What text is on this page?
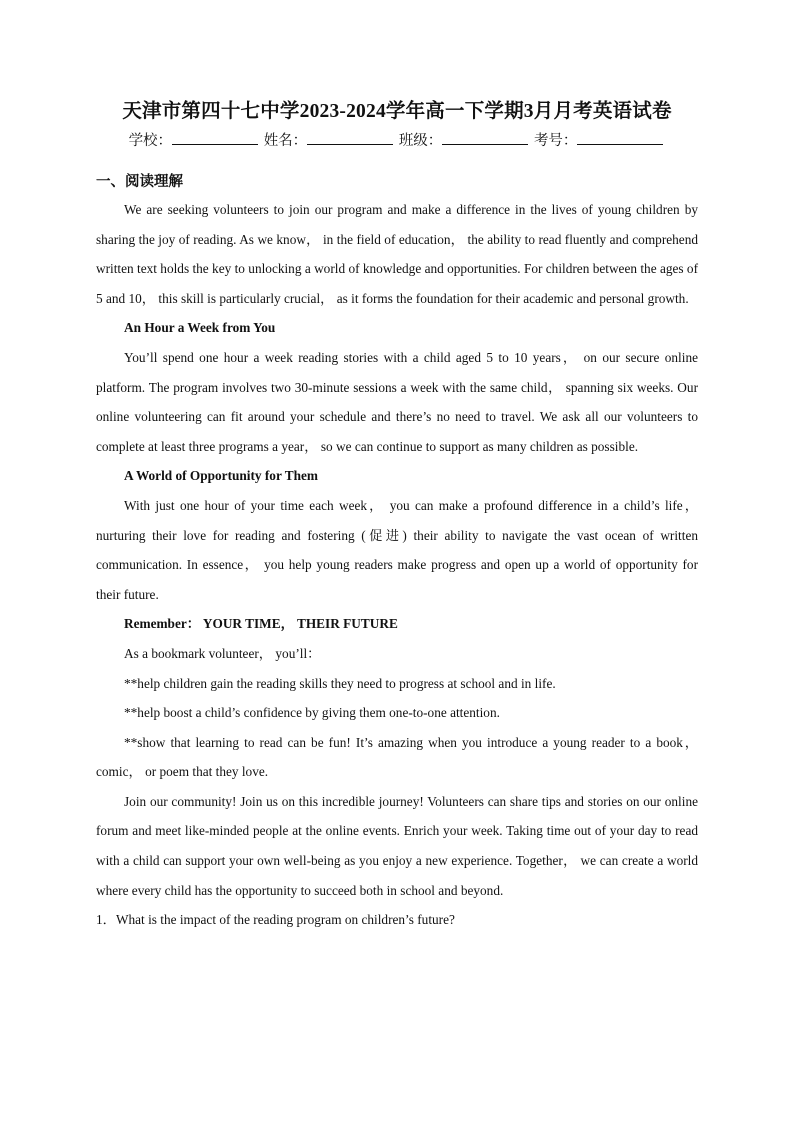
天津市第四十七中学2023-2024学年高一下学期3月月考英语试卷
学校：	姓名：	班级：	考号：
一、阅读理解

We are seeking volunteers to join our program and make a difference in the lives of young children by sharing the joy of reading. As we know， in the field of education， the ability to read fluently and comprehend written text holds the key to unlocking a world of knowledge and opportunities. For children between the ages of 5 and 10， this skill is particularly crucial， as it forms the foundation for their academic and personal growth.

An Hour a Week from You

You’ll spend one hour a week reading stories with a child aged 5 to 10 years， on our secure online platform. The program involves two 30-minute sessions a week with the same child， spanning six weeks. Our online volunteering can fit around your schedule and there’s no need to travel. We ask all our volunteers to complete at least three programs a year， so we can continue to support as many children as possible.

A World of Opportunity for Them

With just one hour of your time each week， you can make a profound difference in a child’s life， nurturing their love for reading and fostering (促进) their ability to navigate the vast ocean of written communication. In essence， you help young readers make progress and open up a world of opportunity for their future.

Remember： YOUR TIME， THEIR FUTURE

As a bookmark volunteer， you’ll：

**help children gain the reading skills they need to progress at school and in life.

**help boost a child’s confidence by giving them one-to-one attention.

**show that learning to read can be fun! It’s amazing when you introduce a young reader to a book， comic， or poem that they love.

Join our community! Join us on this incredible journey! Volunteers can share tips and stories on our online forum and meet like-minded people at the online events. Enrich your week. Taking time out of your day to read with a child can support your own well-being as you enjoy a new experience. Together， we can create a world where every child has the opportunity to succeed both in school and beyond.

1．What is the impact of the reading program on children’s future?
